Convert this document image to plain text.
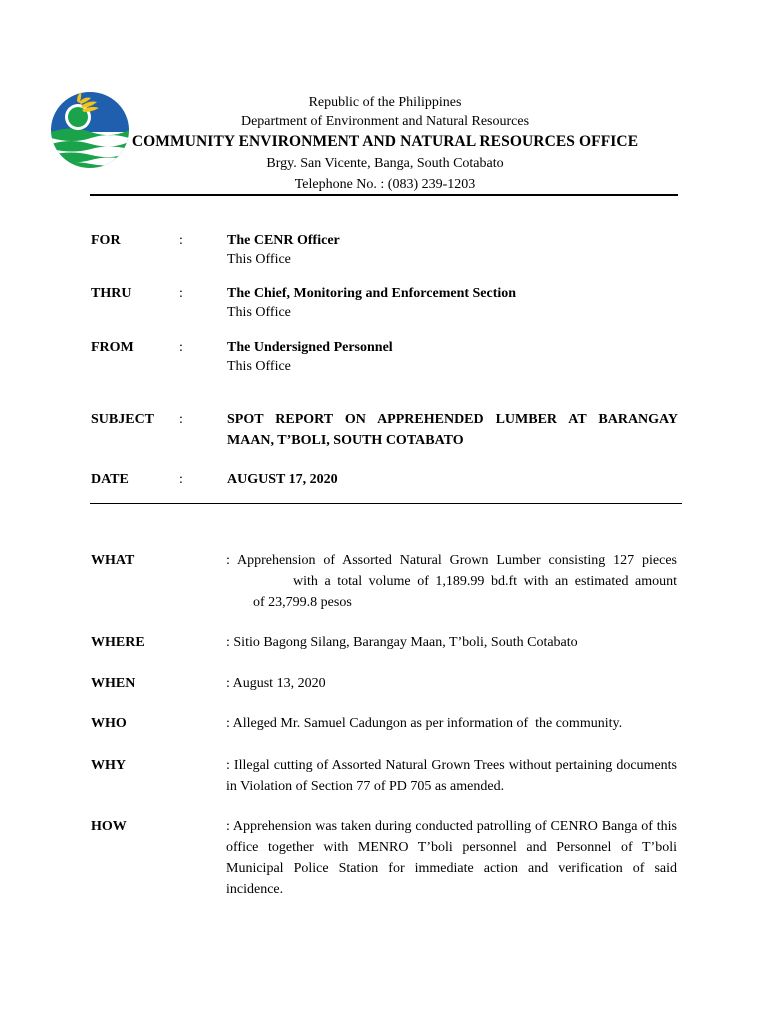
Republic of the Philippines
Department of Environment and Natural Resources
COMMUNITY ENVIRONMENT AND NATURAL RESOURCES OFFICE
Brgy. San Vicente, Banga, South Cotabato
Telephone No. : (083) 239-1203
FOR	:	The CENR Officer
This Office
THRU	:	The Chief, Monitoring and Enforcement Section
This Office
FROM	:	The Undersigned Personnel
This Office
SUBJECT :	SPOT REPORT ON APPREHENDED LUMBER AT BARANGAY
MAAN, T’BOLI, SOUTH COTABATO
DATE	:	AUGUST 17, 2020
WHAT	: Apprehension of Assorted Natural Grown Lumber consisting 127 pieces
with a total volume of 1,189.99 bd.ft with an estimated amount
of 23,799.8 pesos
WHERE	: Sitio Bagong Silang, Barangay Maan, T’boli, South Cotabato
WHEN	: August 13, 2020
WHO	: Alleged Mr. Samuel Cadungon as per information of  the community.
WHY	: Illegal cutting of Assorted Natural Grown Trees without pertaining documents in Violation of Section 77 of PD 705 as amended.
HOW	: Apprehension was taken during conducted patrolling of CENRO Banga of this office together with MENRO T’boli personnel and Personnel of T’boli Municipal Police Station for immediate action and verification of said incidence.
